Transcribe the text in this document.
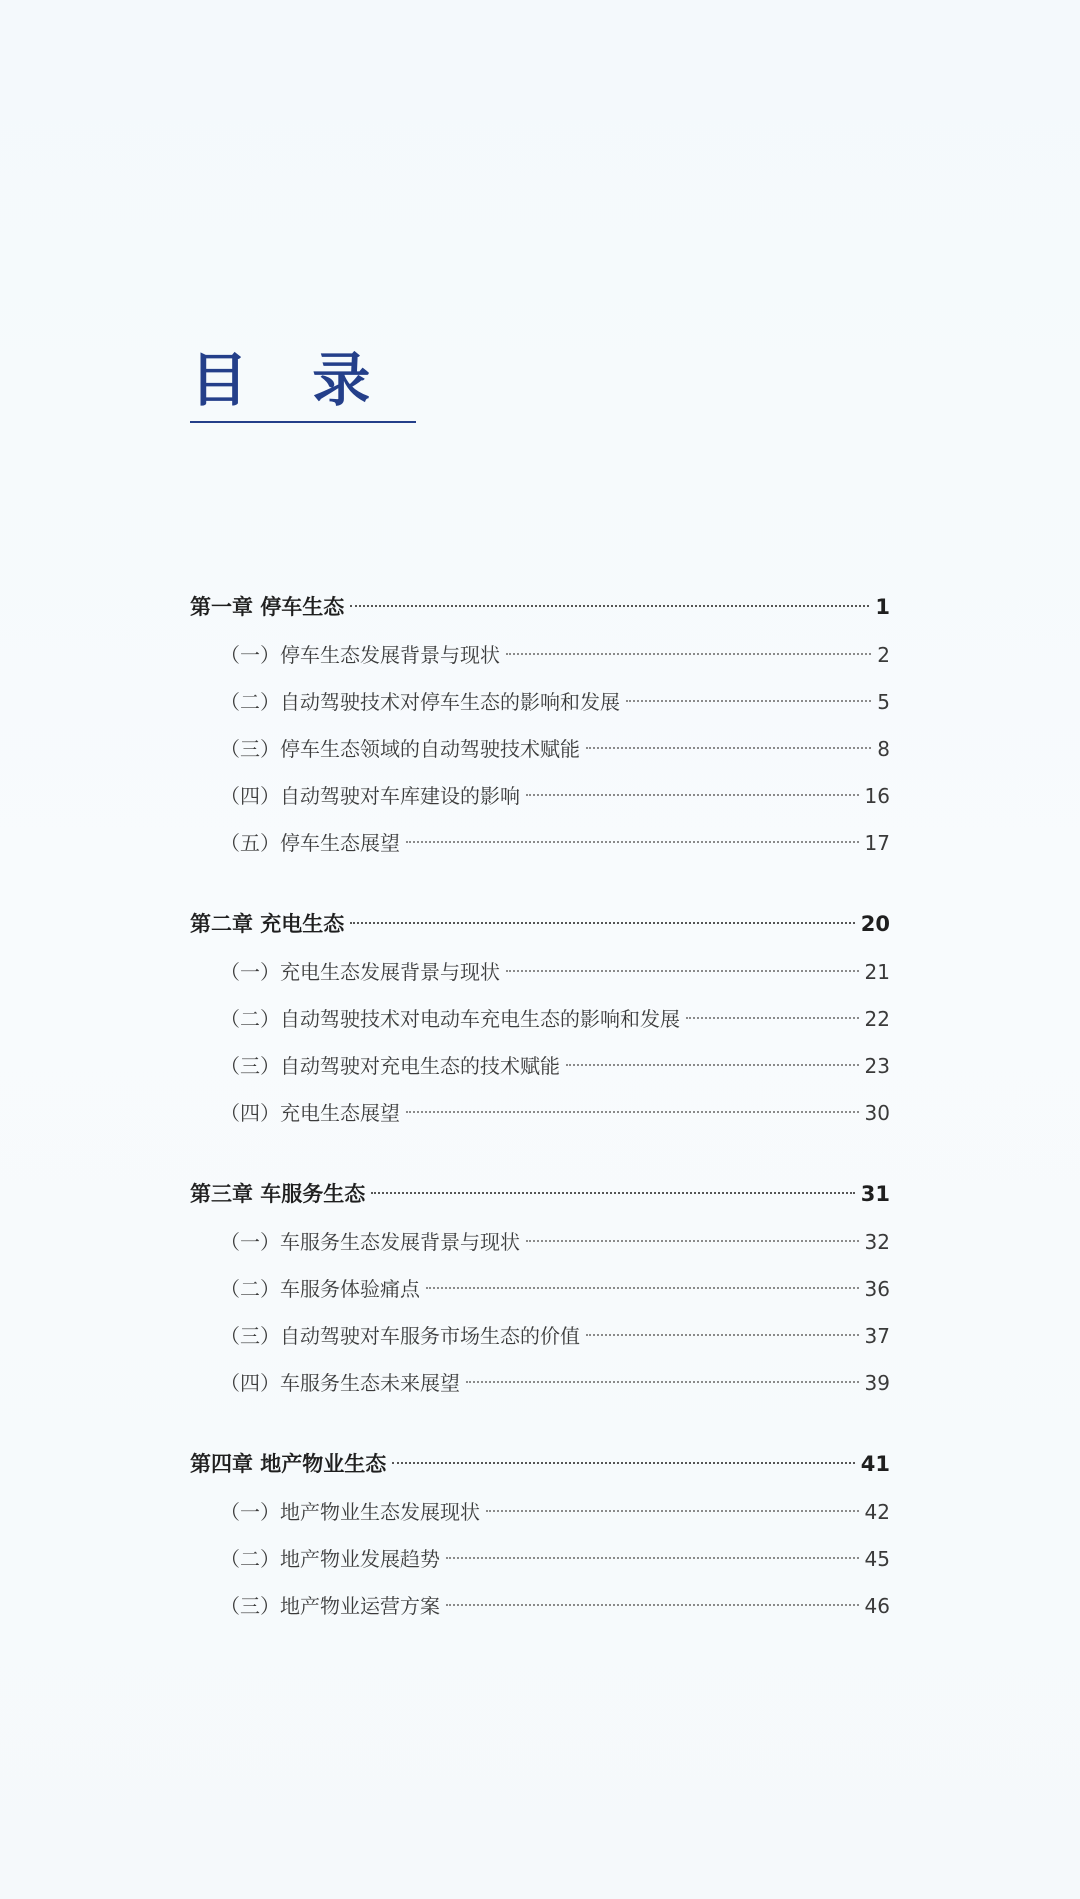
目 录
第一章 停车生态	1
（一）停车生态发展背景与现状	2
（二）自动驾驶技术对停车生态的影响和发展	5
（三）停车生态领域的自动驾驶技术赋能	8
（四）自动驾驶对车库建设的影响	16
（五）停车生态展望	17
第二章 充电生态	20
（一）充电生态发展背景与现状	21
（二）自动驾驶技术对电动车充电生态的影响和发展	22
（三）自动驾驶对充电生态的技术赋能	23
（四）充电生态展望	30
第三章 车服务生态	31
（一）车服务生态发展背景与现状	32
（二）车服务体验痛点	36
（三）自动驾驶对车服务市场生态的价值	37
（四）车服务生态未来展望	39
第四章 地产物业生态	41
（一）地产物业生态发展现状	42
（二）地产物业发展趋势	45
（三）地产物业运营方案	46
